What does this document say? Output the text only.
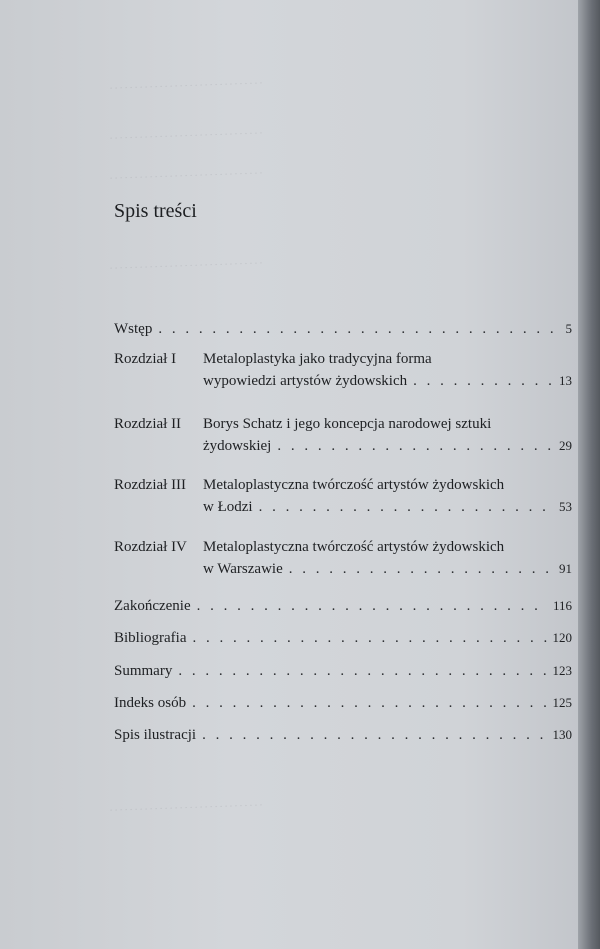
. . . . . . . . . . . . . . . . . . . . . . . . . . . . . . .
. . . . . . . . . . . . . . . . . . . . . . . . . . . . . . .
. . . . . . . . . . . . . . . . . . . . . . . . . . . . . . .
. . . . . . . . . . . . . . . . . . . . . . . . . . . . . . .
. . . . . . . . . . . . . . . . . . . . . . . . . . . . . . .
Spis treści
Wstęp . . .	5
Rozdział I Metaloplastyka jako tradycyjna forma
wypowiedzi artystów żydowskich . . .	13
Rozdział II Borys Schatz i jego koncepcja narodowej sztuki
żydowskiej . . .	29
Rozdział III Metaloplastyczna twórczość artystów żydowskich
w Łodzi . . .	53
Rozdział IV Metaloplastyczna twórczość artystów żydowskich
w Warszawie . . .	91
Zakończenie . . .	116
Bibliografia . . .	120
Summary . . .	123
Indeks osób . . .	125
Spis ilustracji . . .	130
